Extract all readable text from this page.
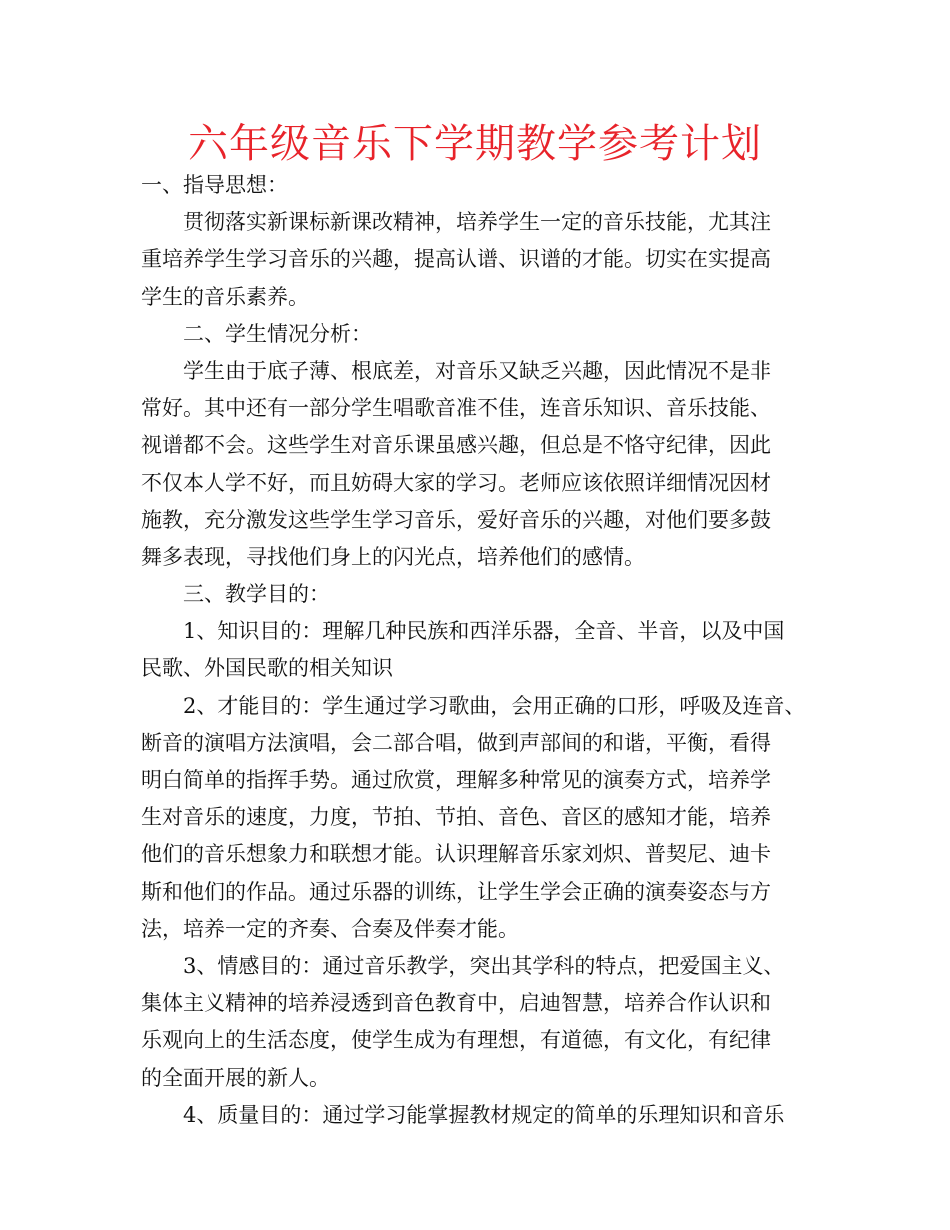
六年级音乐下学期教学参考计划
一、指导思想：
贯彻落实新课标新课改精神，培养学生一定的音乐技能，尤其注
重培养学生学习音乐的兴趣，提高认谱、识谱的才能。切实在实提高
学生的音乐素养。
二、学生情况分析：
学生由于底子薄、根底差，对音乐又缺乏兴趣，因此情况不是非
常好。其中还有一部分学生唱歌音准不佳，连音乐知识、音乐技能、
视谱都不会。这些学生对音乐课虽感兴趣，但总是不恪守纪律，因此
不仅本人学不好，而且妨碍大家的学习。老师应该依照详细情况因材
施教，充分激发这些学生学习音乐，爱好音乐的兴趣，对他们要多鼓
舞多表现，寻找他们身上的闪光点，培养他们的感情。
三、教学目的：
1、知识目的：理解几种民族和西洋乐器，全音、半音，以及中国
民歌、外国民歌的相关知识
2、才能目的：学生通过学习歌曲，会用正确的口形，呼吸及连音、
断音的演唱方法演唱，会二部合唱，做到声部间的和谐，平衡，看得
明白简单的指挥手势。通过欣赏，理解多种常见的演奏方式，培养学
生对音乐的速度，力度，节拍、节拍、音色、音区的感知才能，培养
他们的音乐想象力和联想才能。认识理解音乐家刘炽、普契尼、迪卡
斯和他们的作品。通过乐器的训练，让学生学会正确的演奏姿态与方
法，培养一定的齐奏、合奏及伴奏才能。
3、情感目的：通过音乐教学，突出其学科的特点，把爱国主义、
集体主义精神的培养浸透到音色教育中，启迪智慧，培养合作认识和
乐观向上的生活态度，使学生成为有理想，有道德，有文化，有纪律
的全面开展的新人。
4、质量目的：通过学习能掌握教材规定的简单的乐理知识和音乐
